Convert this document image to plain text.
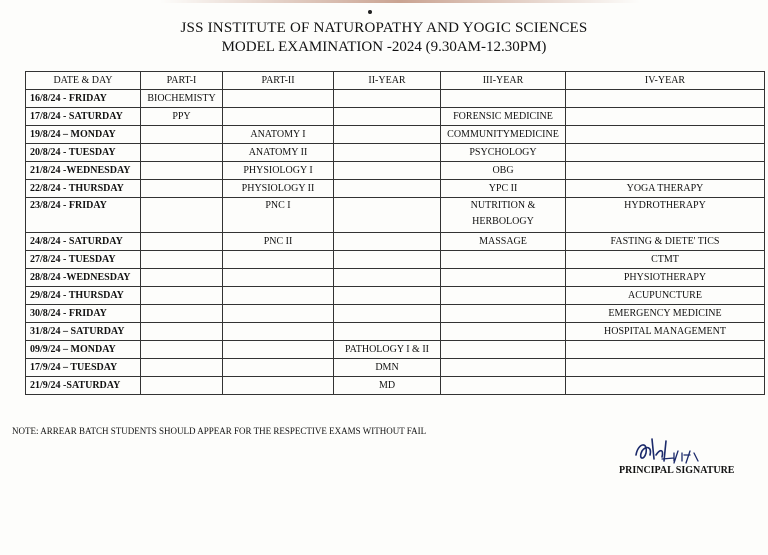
JSS INSTITUTE OF NATUROPATHY AND YOGIC SCIENCES
MODEL EXAMINATION -2024 (9.30AM-12.30PM)
DATE & DAY	PART-I	PART-II	II-YEAR	III-YEAR	IV-YEAR
16/8/24 - FRIDAY	BIOCHEMISTY				
17/8/24 - SATURDAY	PPY			FORENSIC MEDICINE	
19/8/24 – MONDAY		ANATOMY I		COMMUNITYMEDICINE	
20/8/24 - TUESDAY		ANATOMY II		PSYCHOLOGY	
21/8/24 -WEDNESDAY		PHYSIOLOGY I		OBG	
22/8/24 - THURSDAY		PHYSIOLOGY II		YPC II	YOGA THERAPY
23/8/24 - FRIDAY		PNC I		NUTRITION & HERBOLOGY	HYDROTHERAPY
24/8/24 - SATURDAY		PNC II		MASSAGE	FASTING & DIETE' TICS
27/8/24 - TUESDAY					CTMT
28/8/24 -WEDNESDAY					PHYSIOTHERAPY
29/8/24 - THURSDAY					ACUPUNCTURE
30/8/24 - FRIDAY					EMERGENCY MEDICINE
31/8/24 – SATURDAY					HOSPITAL MANAGEMENT
09/9/24 – MONDAY			PATHOLOGY I & II		
17/9/24 – TUESDAY			DMN		
21/9/24 -SATURDAY			MD		
NOTE: ARREAR BATCH STUDENTS SHOULD APPEAR FOR THE RESPECTIVE EXAMS WITHOUT FAIL
PRINCIPAL SIGNATURE
